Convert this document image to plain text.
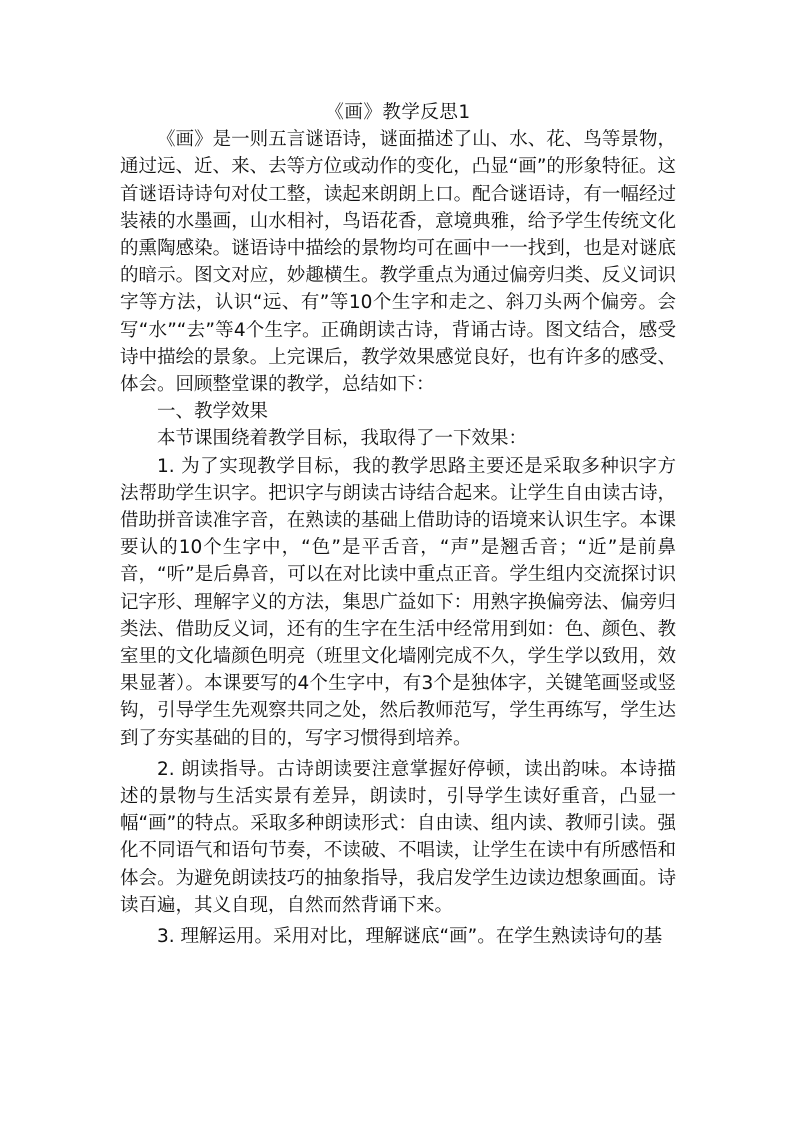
《画》教学反思1

《画》是一则五言谜语诗，谜面描述了山、水、花、鸟等景物，通过远、近、来、去等方位或动作的变化，凸显“画”的形象特征。这首谜语诗诗句对仗工整，读起来朗朗上口。配合谜语诗，有一幅经过装裱的水墨画，山水相衬，鸟语花香，意境典雅，给予学生传统文化的熏陶感染。谜语诗中描绘的景物均可在画中一一找到，也是对谜底的暗示。图文对应，妙趣横生。教学重点为通过偏旁归类、反义词识字等方法，认识“远、有”等10个生字和走之、斜刀头两个偏旁。会写“水”“去”等4个生字。正确朗读古诗，背诵古诗。图文结合，感受诗中描绘的景象。上完课后，教学效果感觉良好，也有许多的感受、体会。回顾整堂课的教学，总结如下：

一、教学效果

本节课围绕着教学目标，我取得了一下效果：

1. 为了实现教学目标，我的教学思路主要还是采取多种识字方法帮助学生识字。把识字与朗读古诗结合起来。让学生自由读古诗，借助拼音读准字音，在熟读的基础上借助诗的语境来认识生字。本课要认的10个生字中，“色”是平舌音，“声”是翘舌音；“近”是前鼻音，“听”是后鼻音，可以在对比读中重点正音。学生组内交流探讨识记字形、理解字义的方法，集思广益如下：用熟字换偏旁法、偏旁归类法、借助反义词，还有的生字在生活中经常用到如：色、颜色、教室里的文化墙颜色明亮（班里文化墙刚完成不久，学生学以致用，效果显著）。本课要写的4个生字中，有3个是独体字，关键笔画竖或竖钩，引导学生先观察共同之处，然后教师范写，学生再练写，学生达到了夯实基础的目的，写字习惯得到培养。

2. 朗读指导。古诗朗读要注意掌握好停顿，读出韵味。本诗描述的景物与生活实景有差异，朗读时，引导学生读好重音，凸显一幅“画”的特点。采取多种朗读形式：自由读、组内读、教师引读。强化不同语气和语句节奏，不读破、不唱读，让学生在读中有所感悟和体会。为避免朗读技巧的抽象指导，我启发学生边读边想象画面。诗读百遍，其义自现，自然而然背诵下来。

3. 理解运用。采用对比，理解谜底“画”。在学生熟读诗句的基
